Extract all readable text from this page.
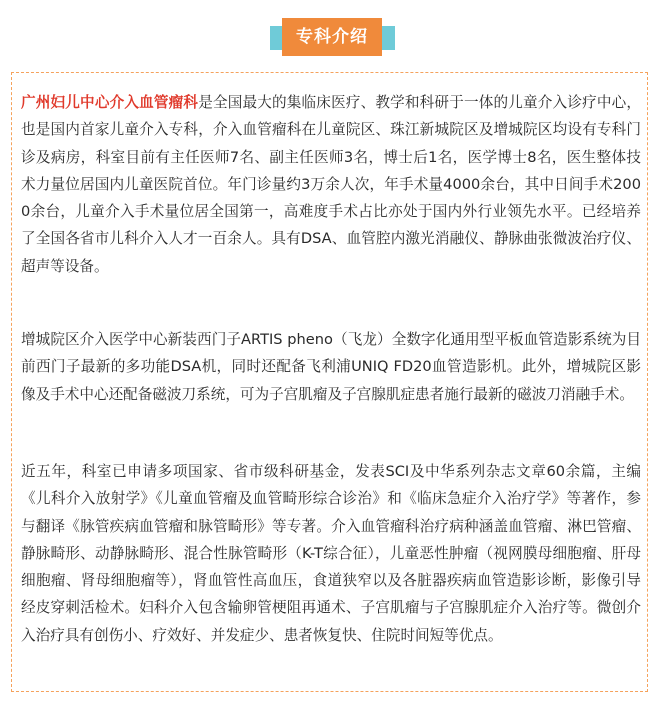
专科介绍

广州妇儿中心介入血管瘤科是全国最大的集临床医疗、教学和科研于一体的儿童介入诊疗中心，也是国内首家儿童介入专科，介入血管瘤科在儿童院区、珠江新城院区及增城院区均设有专科门诊及病房，科室目前有主任医师7名、副主任医师3名，博士后1名，医学博士8名，医生整体技术力量位居国内儿童医院首位。年门诊量约3万余人次，年手术量4000余台，其中日间手术2000余台，儿童介入手术量位居全国第一，高难度手术占比亦处于国内外行业领先水平。已经培养了全国各省市儿科介入人才一百余人。具有DSA、血管腔内激光消融仪、静脉曲张微波治疗仪、超声等设备。

增城院区介入医学中心新装西门子ARTIS pheno（飞龙）全数字化通用型平板血管造影系统为目前西门子最新的多功能DSA机，同时还配备飞利浦UNIQ FD20血管造影机。此外，增城院区影像及手术中心还配备磁波刀系统，可为子宫肌瘤及子宫腺肌症患者施行最新的磁波刀消融手术。

近五年，科室已申请多项国家、省市级科研基金，发表SCI及中华系列杂志文章60余篇，主编《儿科介入放射学》《儿童血管瘤及血管畸形综合诊治》和《临床急症介入治疗学》等著作，参与翻译《脉管疾病血管瘤和脉管畸形》等专著。介入血管瘤科治疗病种涵盖血管瘤、淋巴管瘤、静脉畸形、动静脉畸形、混合性脉管畸形（K-T综合征），儿童恶性肿瘤（视网膜母细胞瘤、肝母细胞瘤、肾母细胞瘤等），肾血管性高血压，食道狭窄以及各脏器疾病血管造影诊断，影像引导经皮穿刺活检术。妇科介入包含输卵管梗阻再通术、子宫肌瘤与子宫腺肌症介入治疗等。微创介入治疗具有创伤小、疗效好、并发症少、患者恢复快、住院时间短等优点。
